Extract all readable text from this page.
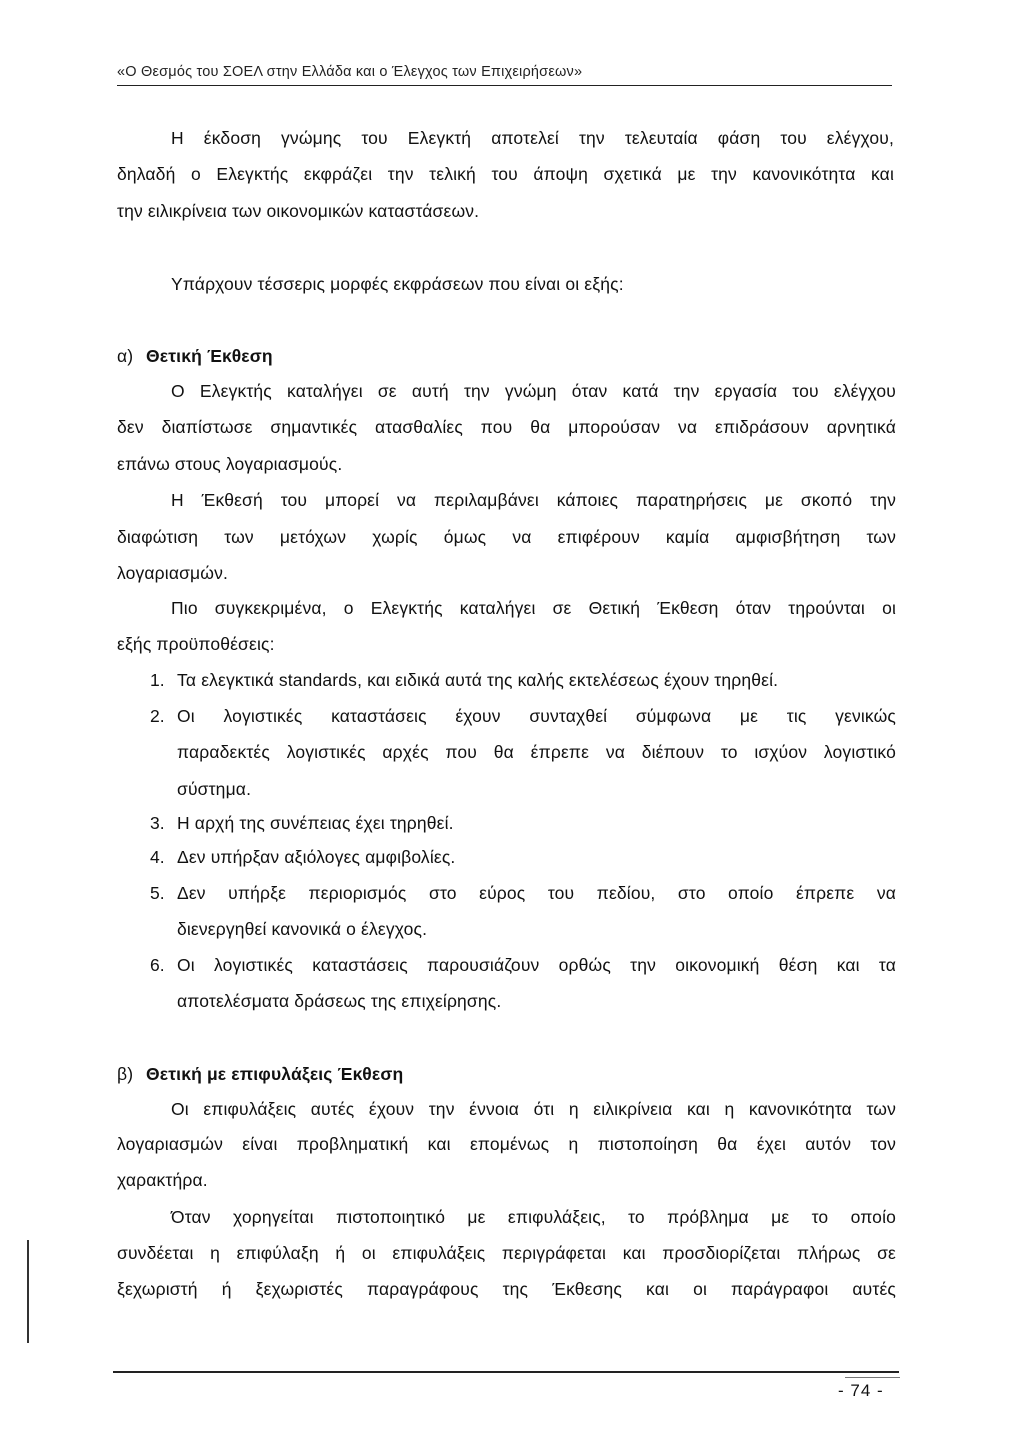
«Ο Θεσμός του ΣΟΕΛ στην Ελλάδα και ο Έλεγχος των Επιχειρήσεων»
Η έκδοση γνώμης του Ελεγκτή αποτελεί την τελευταία φάση του ελέγχου,
δηλαδή ο Ελεγκτής εκφράζει την τελική του άποψη σχετικά με την κανονικότητα και
την ειλικρίνεια των οικονομικών καταστάσεων.
Υπάρχουν τέσσερις μορφές εκφράσεων που είναι οι εξής:
α) Θετική Έκθεση
Ο Ελεγκτής καταλήγει σε αυτή την γνώμη όταν κατά την εργασία του ελέγχου
δεν διαπίστωσε σημαντικές ατασθαλίες που θα μπορούσαν να επιδράσουν αρνητικά
επάνω στους λογαριασμούς.
Η Έκθεσή του μπορεί να περιλαμβάνει κάποιες παρατηρήσεις με σκοπό την
διαφώτιση των μετόχων χωρίς όμως να επιφέρουν καμία αμφισβήτηση των
λογαριασμών.
Πιο συγκεκριμένα, ο Ελεγκτής καταλήγει σε Θετική Έκθεση όταν τηρούνται οι
εξής προϋποθέσεις:
1. Τα ελεγκτικά standards, και ειδικά αυτά της καλής εκτελέσεως έχουν τηρηθεί.
2. Οι λογιστικές καταστάσεις έχουν συνταχθεί σύμφωνα με τις γενικώς
παραδεκτές λογιστικές αρχές που θα έπρεπε να διέπουν το ισχύον λογιστικό
σύστημα.
3. Η αρχή της συνέπειας έχει τηρηθεί.
4. Δεν υπήρξαν αξιόλογες αμφιβολίες.
5. Δεν υπήρξε περιορισμός στο εύρος του πεδίου, στο οποίο έπρεπε να
διενεργηθεί κανονικά ο έλεγχος.
6. Οι λογιστικές καταστάσεις παρουσιάζουν ορθώς την οικονομική θέση και τα
αποτελέσματα δράσεως της επιχείρησης.
β) Θετική με επιφυλάξεις Έκθεση
Οι επιφυλάξεις αυτές έχουν την έννοια ότι η ειλικρίνεια και η κανονικότητα των
λογαριασμών είναι προβληματική και επομένως η πιστοποίηση θα έχει αυτόν τον
χαρακτήρα.
Όταν χορηγείται πιστοποιητικό με επιφυλάξεις, το πρόβλημα με το οποίο
συνδέεται η επιφύλαξη ή οι επιφυλάξεις περιγράφεται και προσδιορίζεται πλήρως σε
ξεχωριστή ή ξεχωριστές παραγράφους της Έκθεσης και οι παράγραφοι αυτές
- 74 -
